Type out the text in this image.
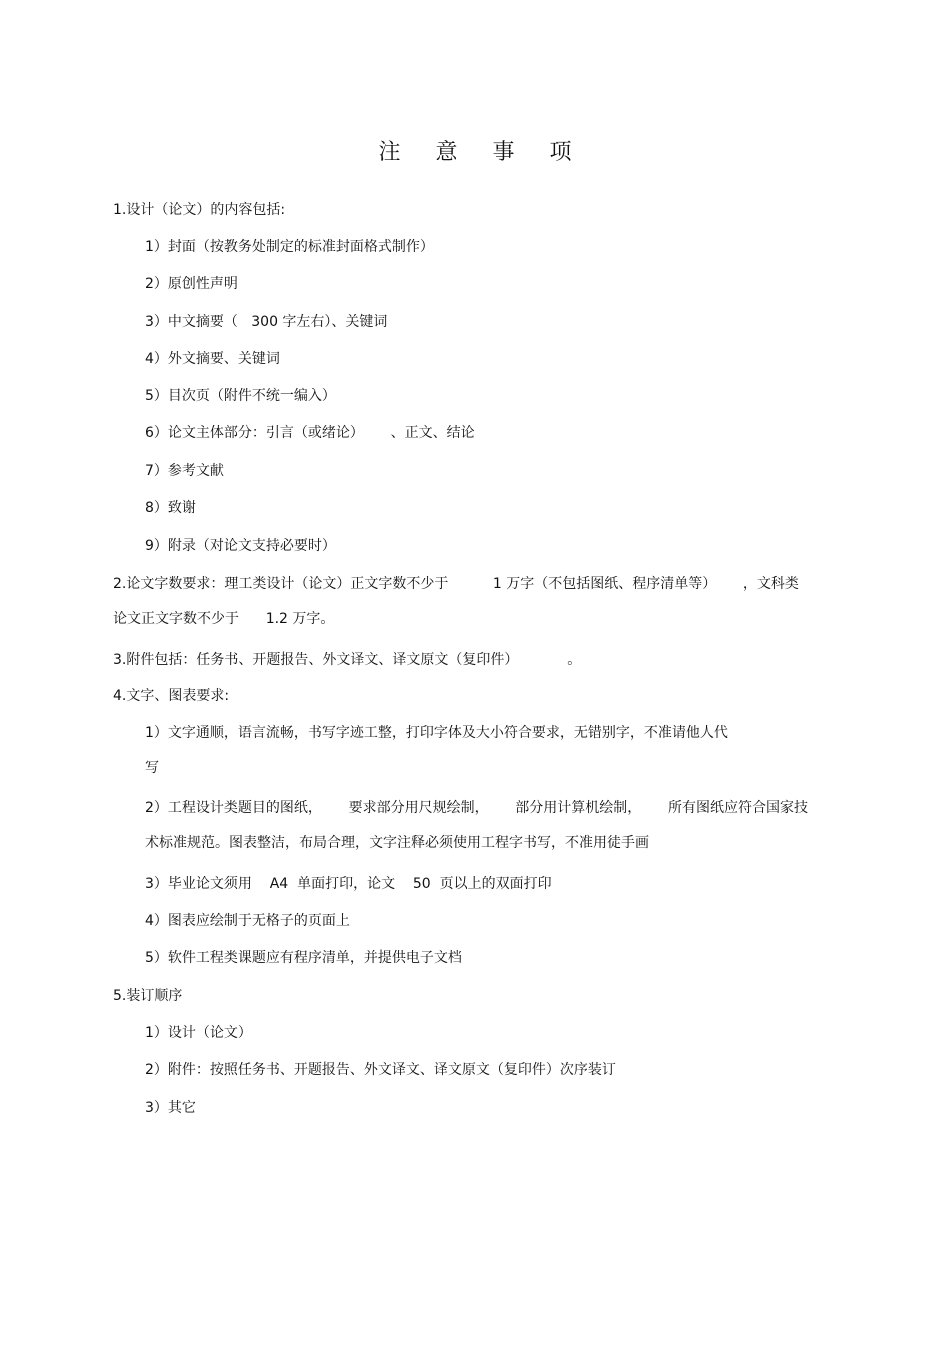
注 意 事 项
1.设计（论文）的内容包括:
1）封面（按教务处制定的标准封面格式制作）
2）原创性声明
3）中文摘要（   300 字左右）、关键词
4）外文摘要、关键词
5）目次页（附件不统一编入）
6）论文主体部分：引言（或绪论）      、正文、结论
7）参考文献
8）致谢
9）附录（对论文支持必要时）
2.论文字数要求：理工类设计（论文）正文字数不少于          1 万字（不包括图纸、程序清单等）      ，文科类
论文正文字数不少于      1.2 万字。
3.附件包括：任务书、开题报告、外文译文、译文原文（复印件）           。
4.文字、图表要求:
1）文字通顺，语言流畅，书写字迹工整，打印字体及大小符合要求，无错别字，不准请他人代
写
2）工程设计类题目的图纸，      要求部分用尺规绘制，      部分用计算机绘制，      所有图纸应符合国家技
术标准规范。图表整洁，布局合理，文字注释必须使用工程字书写，不准用徒手画
3）毕业论文须用    A4  单面打印，论文    50  页以上的双面打印
4）图表应绘制于无格子的页面上
5）软件工程类课题应有程序清单，并提供电子文档
5.装订顺序
1）设计（论文）
2）附件：按照任务书、开题报告、外文译文、译文原文（复印件）次序装订
3）其它
